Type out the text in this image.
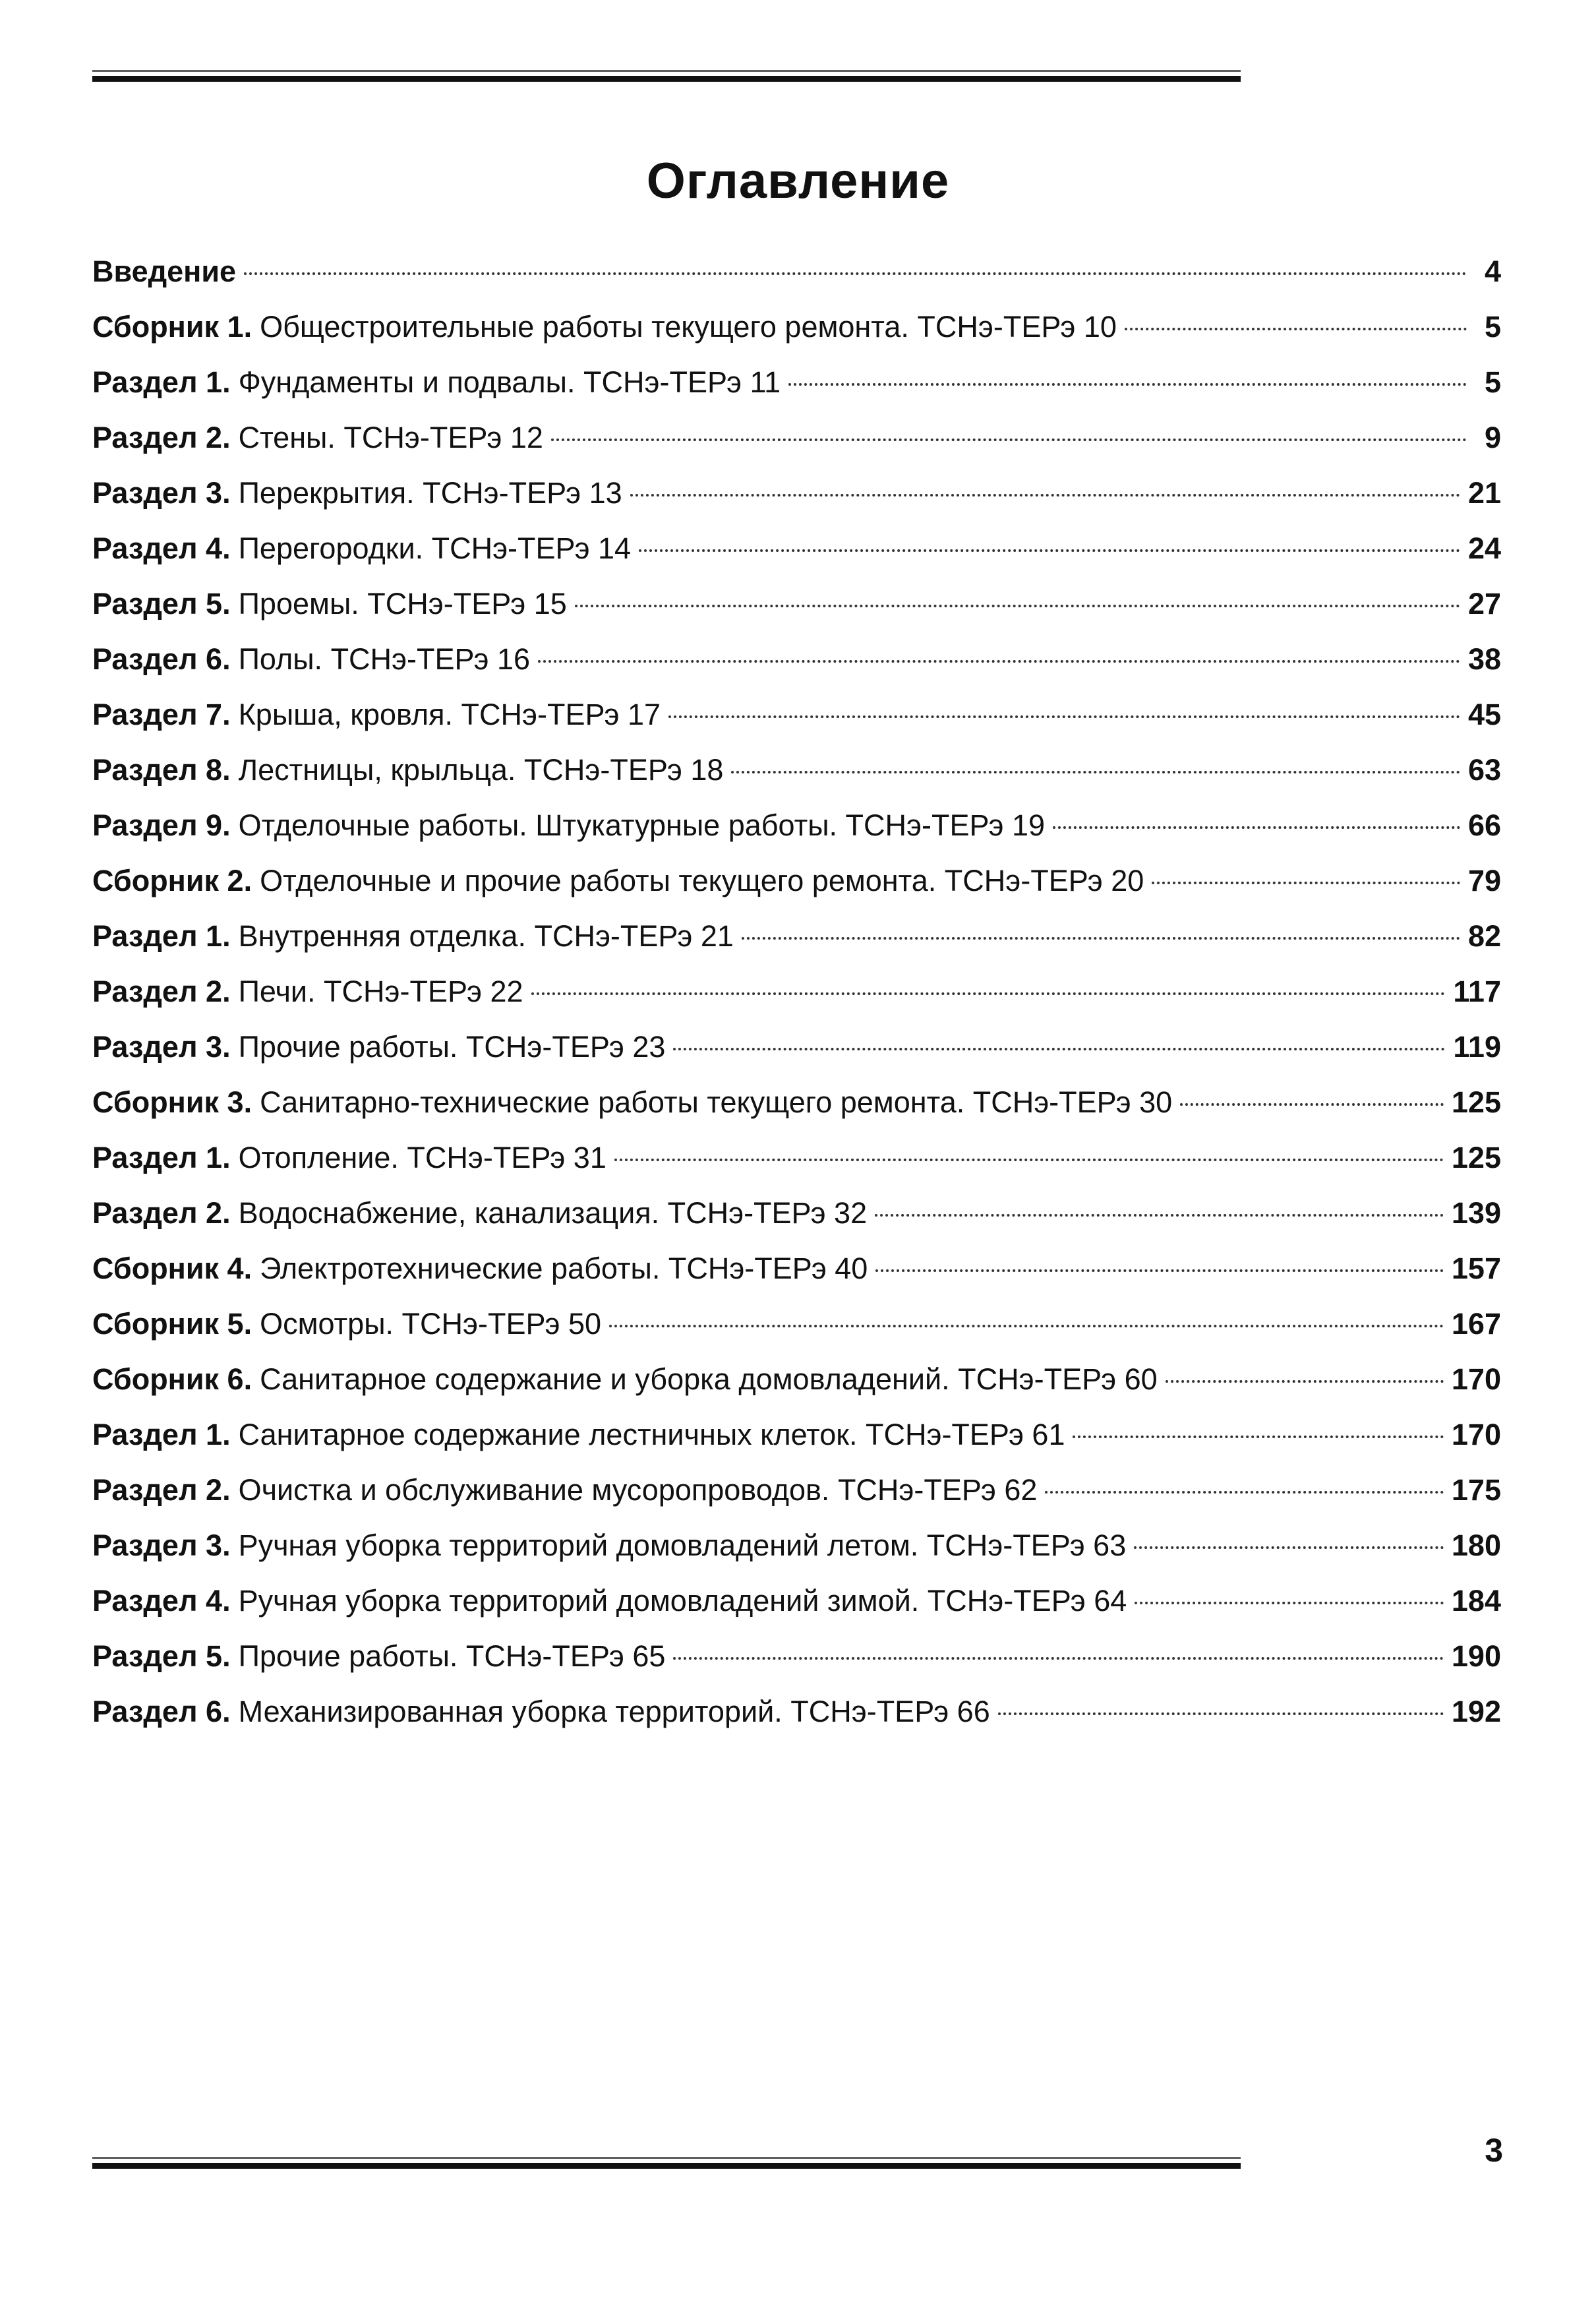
Оглавление
Введение	4
Сборник 1. Общестроительные работы текущего ремонта. ТСНэ-ТЕРэ 10	5
Раздел 1. Фундаменты и подвалы. ТСНэ-ТЕРэ 11	5
Раздел 2. Стены. ТСНэ-ТЕРэ 12	9
Раздел 3. Перекрытия. ТСНэ-ТЕРэ 13	21
Раздел 4. Перегородки. ТСНэ-ТЕРэ 14	24
Раздел 5. Проемы. ТСНэ-ТЕРэ 15	27
Раздел 6. Полы. ТСНэ-ТЕРэ 16	38
Раздел 7. Крыша, кровля. ТСНэ-ТЕРэ 17	45
Раздел 8. Лестницы, крыльца. ТСНэ-ТЕРэ 18	63
Раздел 9. Отделочные работы. Штукатурные работы. ТСНэ-ТЕРэ 19	66
Сборник 2. Отделочные и прочие работы текущего ремонта. ТСНэ-ТЕРэ 20	79
Раздел 1. Внутренняя отделка. ТСНэ-ТЕРэ 21	82
Раздел 2. Печи. ТСНэ-ТЕРэ 22	117
Раздел 3. Прочие работы. ТСНэ-ТЕРэ 23	119
Сборник 3. Санитарно-технические работы текущего ремонта. ТСНэ-ТЕРэ 30	125
Раздел 1. Отопление. ТСНэ-ТЕРэ 31	125
Раздел 2. Водоснабжение, канализация. ТСНэ-ТЕРэ 32	139
Сборник 4. Электротехнические работы. ТСНэ-ТЕРэ 40	157
Сборник 5. Осмотры. ТСНэ-ТЕРэ 50	167
Сборник 6. Санитарное содержание и уборка домовладений. ТСНэ-ТЕРэ 60	170
Раздел 1. Санитарное содержание лестничных клеток. ТСНэ-ТЕРэ 61	170
Раздел 2. Очистка и обслуживание мусоропроводов. ТСНэ-ТЕРэ 62	175
Раздел 3. Ручная уборка территорий домовладений летом. ТСНэ-ТЕРэ 63	180
Раздел 4. Ручная уборка территорий домовладений зимой. ТСНэ-ТЕРэ 64	184
Раздел 5. Прочие работы. ТСНэ-ТЕРэ 65	190
Раздел 6. Механизированная уборка территорий. ТСНэ-ТЕРэ 66	192
3
